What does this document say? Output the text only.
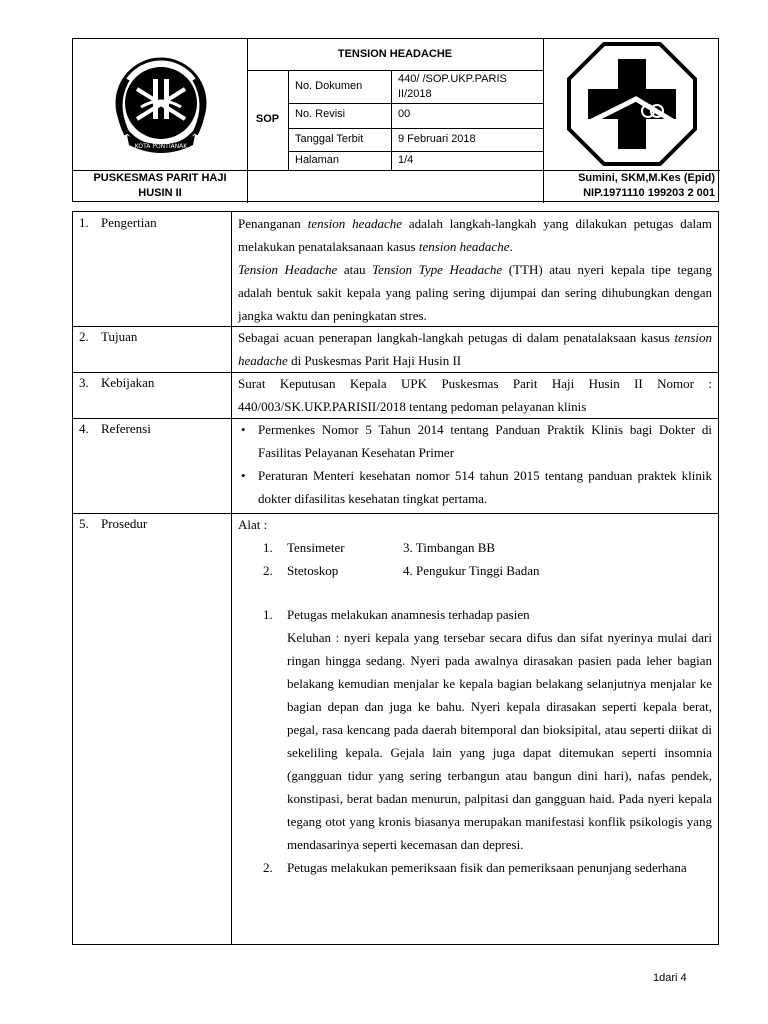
KOTA PONTIANAK
TENSION HEADACHE
SOP
No. Dokumen
440/ /SOP.UKP.PARIS II/2018
No. Revisi	00
Tanggal Terbit	9 Februari 2018
Halaman	1/4
PUSKESMAS PARIT HAJI
HUSIN II
Sumini, SKM,M.Kes (Epid)
NIP.1971110 199203 2 001
1. Pengertian	Penanganan tension headache adalah langkah-langkah yang dilakukan petugas dalam melakukan penatalaksanaan kasus tension headache.

Tension Headache atau Tension Type Headache (TTH) atau nyeri kepala tipe tegang adalah bentuk sakit kepala yang paling sering dijumpai dan sering dihubungkan dengan jangka waktu dan peningkatan stres.

2. Tujuan	Sebagai acuan penerapan langkah-langkah petugas di dalam penatalaksaan kasus tension headache di Puskesmas Parit Haji Husin II

3. Kebijakan	Surat Keputusan Kepala UPK Puskesmas Parit Haji Husin II Nomor : 440/003/SK.UKP.PARISII/2018 tentang pedoman pelayanan klinis

4. Referensi
•	Permenkes Nomor 5 Tahun 2014 tentang Panduan Praktik Klinis bagi Dokter di Fasilitas Pelayanan Kesehatan Primer
• Peraturan Menteri kesehatan nomor 514 tahun 2015 tentang panduan praktek klinik dokter difasilitas kesehatan tingkat pertama.
5. Prosedur	Alat :

1. Tensimeter	3. Timbangan BB
2. Stetoskop	4. Pengukur Tinggi Badan
1. Petugas melakukan anamnesis terhadap pasien
Keluhan : nyeri kepala yang tersebar secara difus dan sifat nyerinya mulai dari ringan hingga sedang. Nyeri pada awalnya dirasakan pasien pada leher bagian belakang kemudian menjalar ke kepala bagian belakang selanjutnya menjalar ke bagian depan dan juga ke bahu. Nyeri kepala dirasakan seperti kepala berat, pegal, rasa kencang pada daerah bitemporal dan bioksipital, atau seperti diikat di sekeliling kepala. Gejala lain yang juga dapat ditemukan seperti insomnia (gangguan tidur yang sering terbangun atau bangun dini hari), nafas pendek, konstipasi, berat badan menurun, palpitasi dan gangguan haid. Pada nyeri kepala tegang otot yang kronis biasanya merupakan manifestasi konflik psikologis yang mendasarinya seperti kecemasan dan depresi.
2. Petugas melakukan pemeriksaan fisik dan pemeriksaan penunjang sederhana
1dari 4
